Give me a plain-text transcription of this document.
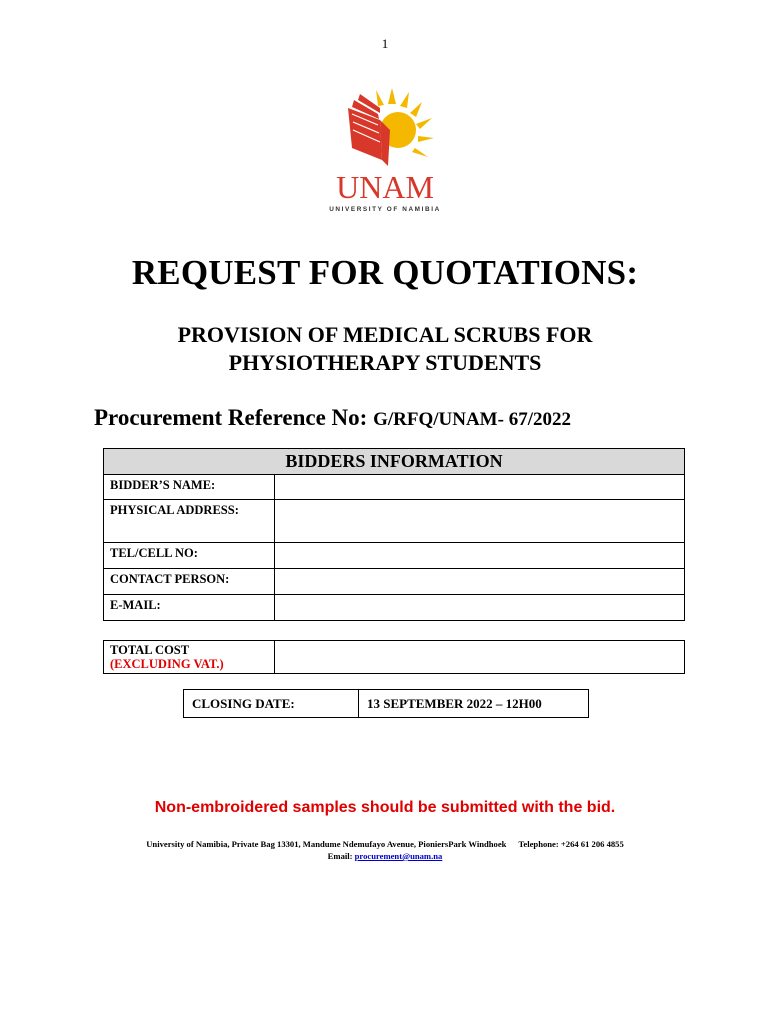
1
UNAM
UNIVERSITY OF NAMIBIA
REQUEST FOR QUOTATIONS:
PROVISION OF MEDICAL SCRUBS FOR
PHYSIOTHERAPY STUDENTS
Procurement Reference No: G/RFQ/UNAM- 67/2022
BIDDERS INFORMATION	
BIDDER’S NAME:	
PHYSICAL ADDRESS:	
TEL/CELL NO:	
CONTACT PERSON:	
E-MAIL:	
TOTAL COST
(EXCLUDING VAT.)

CLOSING DATE:	13 SEPTEMBER 2022 – 12H00
Non-embroidered samples should be submitted with the bid.
University of Namibia, Private Bag 13301, Mandume Ndemufayo Avenue, PioniersPark Windhoek Telephone: +264 61 206 4855
Email: procurement@unam.na
